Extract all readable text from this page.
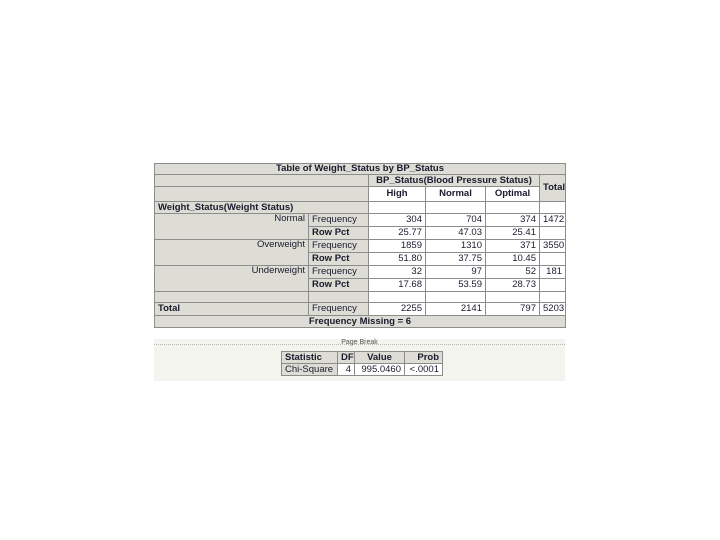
Table of Weight_Status by BP_Status					
		BP_Status(Blood Pressure Status)			Total
		High	Normal	Optimal	
Weight_Status(Weight Status)					
Normal	Frequency	304	704	374	1472
	Row Pct	25.77	47.03	25.41	
Overweight	Frequency	1859	1310	371	3550
	Row Pct	51.80	37.75	10.45	
Underweight	Frequency	32	97	52	181
	Row Pct	17.68	53.59	28.73	

Total	Frequency	2255	2141	797	5203
Frequency Missing = 6					
Page Break
Statistic	DF	Value	Prob
Chi-Square	4	995.0460	<.0001
